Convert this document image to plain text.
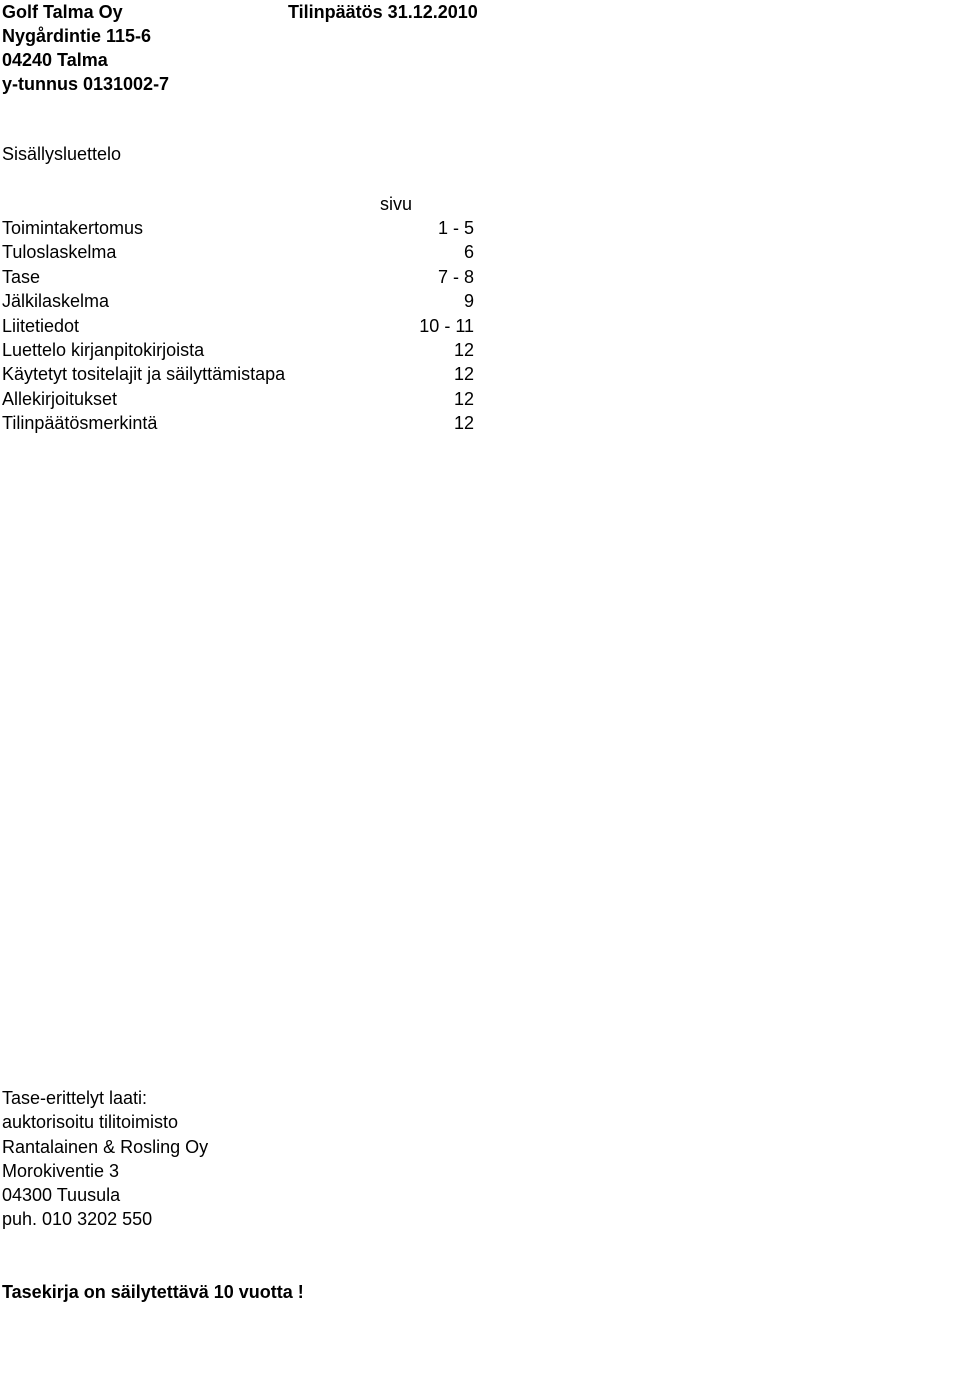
Golf Talma Oy
Nygårdintie 115-6
04240 Talma
y-tunnus 0131002-7
Tilinpäätös 31.12.2010
Sisällysluettelo
sivu
Toimintakertomus	1 - 5
Tuloslaskelma	6
Tase	7 - 8
Jälkilaskelma	9
Liitetiedot	10 - 11
Luettelo kirjanpitokirjoista	12
Käytetyt tositelajit ja säilyttämistapa	12
Allekirjoitukset	12
Tilinpäätösmerkintä	12
Tase-erittelyt laati:
auktorisoitu tilitoimisto
Rantalainen & Rosling Oy
Morokiventie 3
04300 Tuusula
puh. 010 3202 550
Tasekirja on säilytettävä 10 vuotta !
